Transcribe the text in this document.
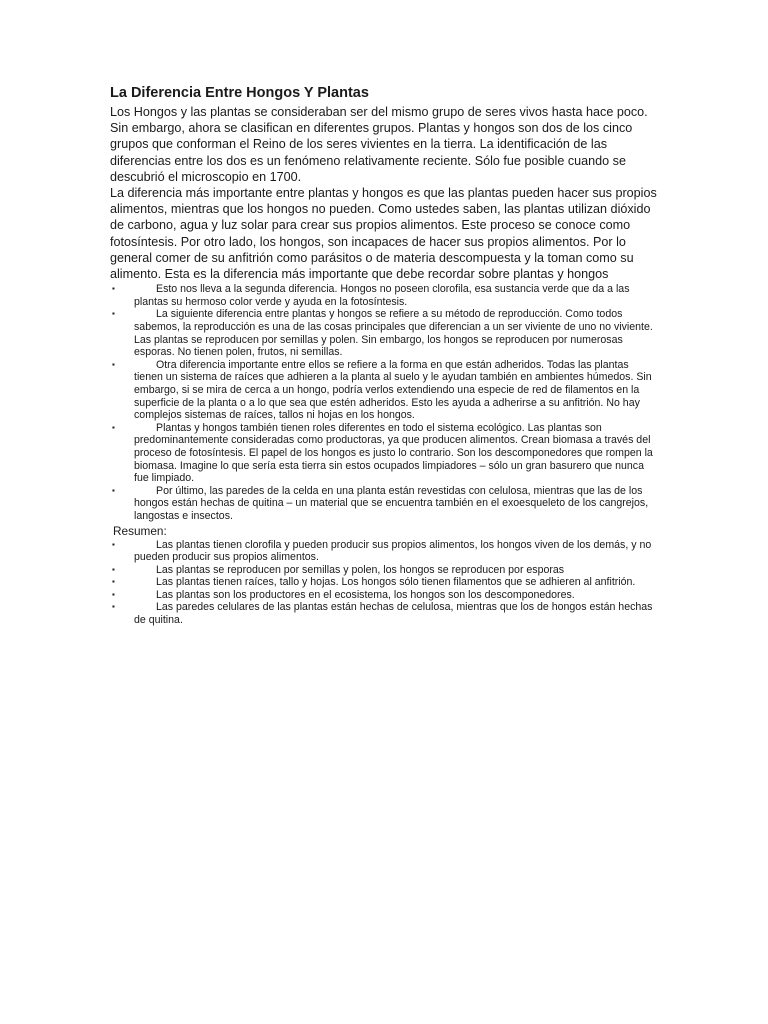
La Diferencia Entre Hongos Y Plantas

Los Hongos y las plantas se consideraban ser del mismo grupo de seres vivos hasta hace poco. Sin embargo, ahora se clasifican en diferentes grupos. Plantas y hongos son dos de los cinco grupos que conforman el Reino de los seres vivientes en la tierra. La identificación de las diferencias entre los dos es un fenómeno relativamente reciente. Sólo fue posible cuando se descubrió el microscopio en 1700.

La diferencia más importante entre plantas y hongos es que las plantas pueden hacer sus propios alimentos, mientras que los hongos no pueden. Como ustedes saben, las plantas utilizan dióxido de carbono, agua y luz solar para crear sus propios alimentos. Este proceso se conoce como fotosíntesis. Por otro lado, los hongos, son incapaces de hacer sus propios alimentos. Por lo general comer de su anfitrión como parásitos o de materia descompuesta y la toman como su alimento. Esta es la diferencia más importante que debe recordar sobre plantas y hongos

▪	Esto nos lleva a la segunda diferencia. Hongos no poseen clorofila, esa sustancia verde que da a las plantas su hermoso color verde y ayuda en la fotosíntesis.
▪	La siguiente diferencia entre plantas y hongos se refiere a su método de reproducción. Como todos sabemos, la reproducción es una de las cosas principales que diferencian a un ser viviente de uno no viviente. Las plantas se reproducen por semillas y polen. Sin embargo, los hongos se reproducen por numerosas esporas. No tienen polen, frutos, ni semillas.
▪	Otra diferencia importante entre ellos se refiere a la forma en que están adheridos. Todas las plantas tienen un sistema de raíces que adhieren a la planta al suelo y le ayudan también en ambientes húmedos. Sin embargo, si se mira de cerca a un hongo, podría verlos extendiendo una especie de red de filamentos en la superficie de la planta o a lo que sea que estén adheridos. Esto les ayuda a adherirse a su anfitrión. No hay complejos sistemas de raíces, tallos ni hojas en los hongos.
▪	Plantas y hongos también tienen roles diferentes en todo el sistema ecológico. Las plantas son predominantemente consideradas como productoras, ya que producen alimentos. Crean biomasa a través del proceso de fotosíntesis. El papel de los hongos es justo lo contrario. Son los descomponedores que rompen la biomasa. Imagine lo que sería esta tierra sin estos ocupados limpiadores – sólo un gran basurero que nunca fue limpiado.
▪	Por último, las paredes de la celda en una planta están revestidas con celulosa, mientras que las de los hongos están hechas de quitina – un material que se encuentra también en el exoesqueleto de los cangrejos, langostas e insectos.
Resumen:
▪	Las plantas tienen clorofila y pueden producir sus propios alimentos, los hongos viven de los demás, y no pueden producir sus propios alimentos.
▪	Las plantas se reproducen por semillas y polen, los hongos se reproducen por esporas
▪	Las plantas tienen raíces, tallo y hojas. Los hongos sólo tienen filamentos que se adhieren al anfitrión.
▪	Las plantas son los productores en el ecosistema, los hongos son los descomponedores.
▪	Las paredes celulares de las plantas están hechas de celulosa, mientras que los de hongos están hechas de quitina.
